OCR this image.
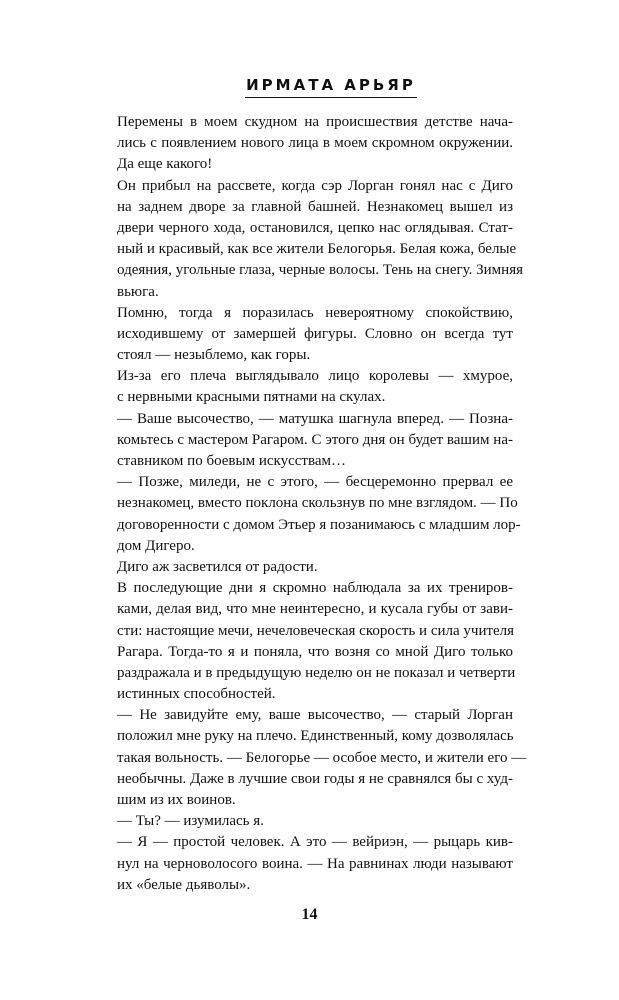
ИРМАТА АРЬЯР
Перемены в моем скудном на происшествия детстве нача-
лись с появлением нового лица в моем скромном окружении.
Да еще какого!
Он прибыл на рассвете, когда сэр Лорган гонял нас с Диго
на заднем дворе за главной башней. Незнакомец вышел из
двери черного хода, остановился, цепко нас оглядывая. Стат-
ный и красивый, как все жители Белогорья. Белая кожа, белые
одеяния, угольные глаза, черные волосы. Тень на снегу. Зимняя
вьюга.
Помню, тогда я поразилась невероятному спокойствию,
исходившему от замершей фигуры. Словно он всегда тут
стоял — незыблемо, как горы.
Из-за его плеча выглядывало лицо королевы — хмурое,
с нервными красными пятнами на скулах.
— Ваше высочество, — матушка шагнула вперед. — Позна-
комьтесь с мастером Рагаром. С этого дня он будет вашим на-
ставником по боевым искусствам…
— Позже, миледи, не с этого, — бесцеремонно прервал ее
незнакомец, вместо поклона скользнув по мне взглядом. — По
договоренности с домом Этьер я позанимаюсь с младшим лор-
дом Дигеро.
Диго аж засветился от радости.
В последующие дни я скромно наблюдала за их трениров-
ками, делая вид, что мне неинтересно, и кусала губы от зави-
сти: настоящие мечи, нечеловеческая скорость и сила учителя
Рагара. Тогда-то я и поняла, что возня со мной Диго только
раздражала и в предыдущую неделю он не показал и четверти
истинных способностей.
— Не завидуйте ему, ваше высочество, — старый Лорган
положил мне руку на плечо. Единственный, кому дозволялась
такая вольность. — Белогорье — особое место, и жители его —
необычны. Даже в лучшие свои годы я не сравнялся бы с худ-
шим из их воинов.
— Ты? — изумилась я.
— Я — простой человек. А это — вейриэн, — рыцарь кив-
нул на черноволосого воина. — На равнинах люди называют
их «белые дьяволы».
14
